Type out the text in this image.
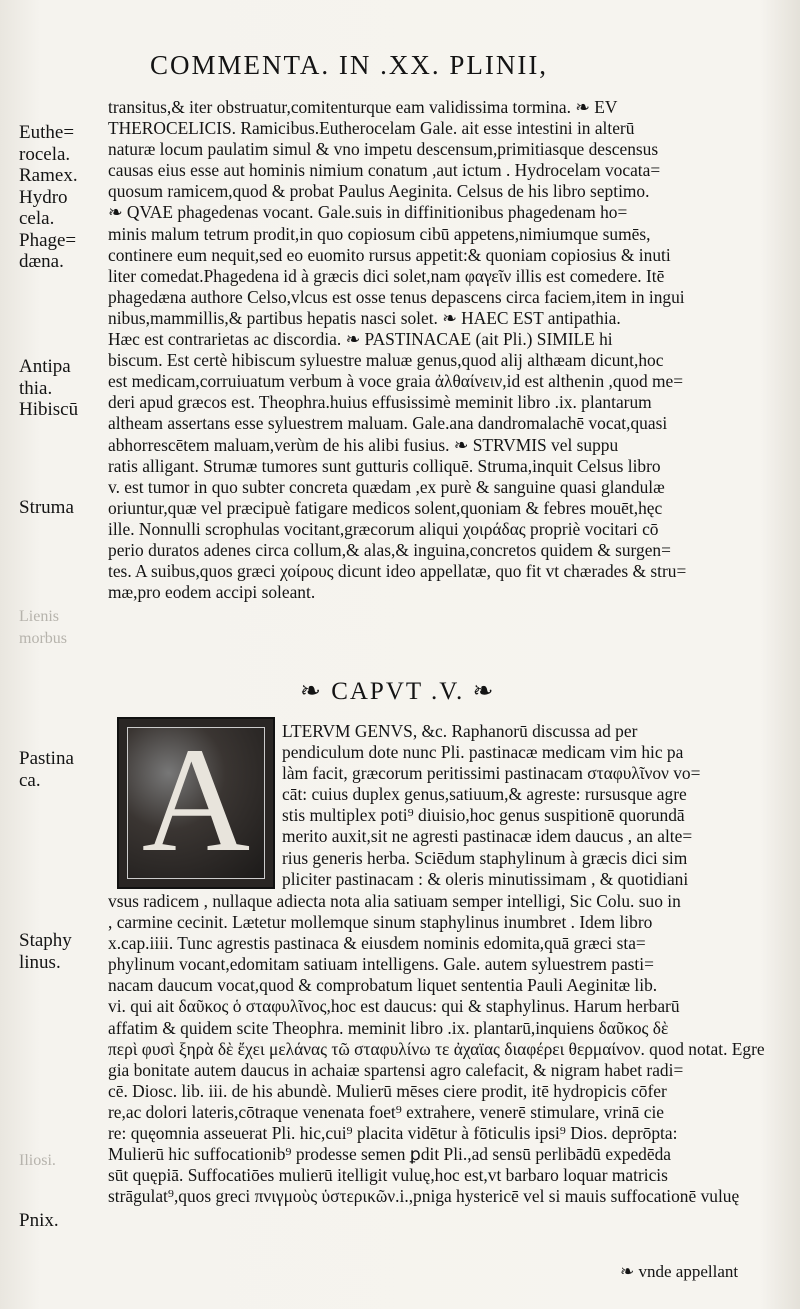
COMMENTA. IN .XX. PLINII,
Euthe=
rocela.
Ramex.
Hydro
cela.
Phage=
dæna.
Antipa
thia.
Hibiscū
Struma
Pastina
ca.
Staphy
linus.
Pnix.
Lienis
morbus
Iliosi.
transitus,& iter obstruatur,comitenturque eam validissima tormina. ❧ EV
THEROCELICIS. Ramicibus.Eutherocelam Gale. ait esse intestini in alterū
naturæ locum paulatim simul & vno impetu descensum,primitiasque descensus
causas eius esse aut hominis nimium conatum ,aut ictum . Hydrocelam vocata=
quosum ramicem,quod & probat Paulus Aeginita. Celsus de his libro septimo.
❧ QVAE phagedenas vocant. Gale.suis in diffinitionibus phagedenam ho=
minis malum tetrum prodit,in quo copiosum cibū appetens,nimiumque sumēs,
continere eum nequit,sed eo euomito rursus appetit:& quoniam copiosius & inuti
liter comedat.Phagedena id à græcis dici solet,nam φαγεῖν illis est comedere. Itē
phagedæna authore Celso,vlcus est osse tenus depascens circa faciem,item in ingui
nibus,mammillis,& partibus hepatis nasci solet. ❧ HAEC EST antipathia.
Hæc est contrarietas ac discordia. ❧ PASTINACAE (ait Pli.) SIMILE hi
biscum. Est certè hibiscum syluestre maluæ genus,quod alij althæam dicunt,hoc
est medicam,corruiuatum verbum à voce graia ἀλθαίνειν,id est althenin ,quod me=
deri apud græcos est. Theophra.huius effusissimè meminit libro .ix. plantarum
altheam assertans esse syluestrem maluam. Gale.ana dandromalachē vocat,quasi
abhorrescētem maluam,verùm de his alibi fusius. ❧ STRVMIS vel suppu
ratis alligant. Strumæ tumores sunt gutturis colliquē. Struma,inquit Celsus libro
v. est tumor in quo subter concreta quædam ,ex purè & sanguine quasi glandulæ
oriuntur,quæ vel præcipuè fatigare medicos solent,quoniam & febres mouēt,hęc
ille. Nonnulli scrophulas vocitant,græcorum aliqui χοιράδας propriè vocitari cō
perio duratos adenes circa collum,& alas,& inguina,concretos quidem & surgen=
tes. A suibus,quos græci χοίρους dicunt ideo appellatæ, quo fit vt chærades & stru=
mæ,pro eodem accipi soleant.
❧ CAPVT .V. ❧
A	LTERVM GENVS, &c. Raphanorū discussa ad per
pendiculum dote nunc Pli. pastinacæ medicam vim hic pa
làm facit, græcorum peritissimi pastinacam σταφυλῖνον vo=
cāt: cuius duplex genus,satiuum,& agreste: rursusque agre
stis multiplex poti⁹ diuisio,hoc genus suspitionē quorundā
merito auxit,sit ne agresti pastinacæ idem daucus , an alte=
rius generis herba. Sciēdum staphylinum à græcis dici sim
pliciter pastinacam : & oleris minutissimam , & quotidiani
vsus radicem , nullaque adiecta nota alia satiuam semper intelligi, Sic Colu. suo in
, carmine cecinit. Lætetur mollemque sinum staphylinus inumbret . Idem libro
x.cap.iiii. Tunc agrestis pastinaca & eiusdem nominis edomita,quā græci sta=
phylinum vocant,edomitam satiuam intelligens. Gale. autem syluestrem pasti=
nacam daucum vocat,quod & comprobatum liquet sententia Pauli Aeginitæ lib.
vi. qui ait δαῦκος ὁ σταφυλῖνος,hoc est daucus: qui & staphylinus. Harum herbarū
affatim & quidem scite Theophra. meminit libro .ix. plantarū,inquiens δαῦκος δὲ
περὶ φυσὶ ξηρὰ δὲ ἔχει μελάνας τῶ σταφυλίνω τε ἀχαϊας διαφέρει θερμαίνον. quod notat. Egre
gia bonitate autem daucus in achaiæ spartensi agro calefacit, & nigram habet radi=
cē. Diosc. lib. iii. de his abundè. Mulierū mēses ciere prodit, itē hydropicis cōfer
re,ac dolori lateris,cōtraque venenata foet⁹ extrahere, venerē stimulare, vrinā cie
re: quęomnia asseuerat Pli. hic,cui⁹ placita vidētur à fōticulis ipsi⁹ Dios. deprōpta:
Mulierū hic suffocationib⁹ prodesse semen ꝑdit Pli.,ad sensū perlibādū expedēda
sūt quępiā. Suffocatiōes mulierū itelligit vuluę,hoc est,vt barbaro loquar matricis
strāgulat⁹,quos greci πνιγμοὺς ὑστερικῶν.i.,pniga hystericē vel si mauis suffocationē vuluę
❧ vnde appellant
